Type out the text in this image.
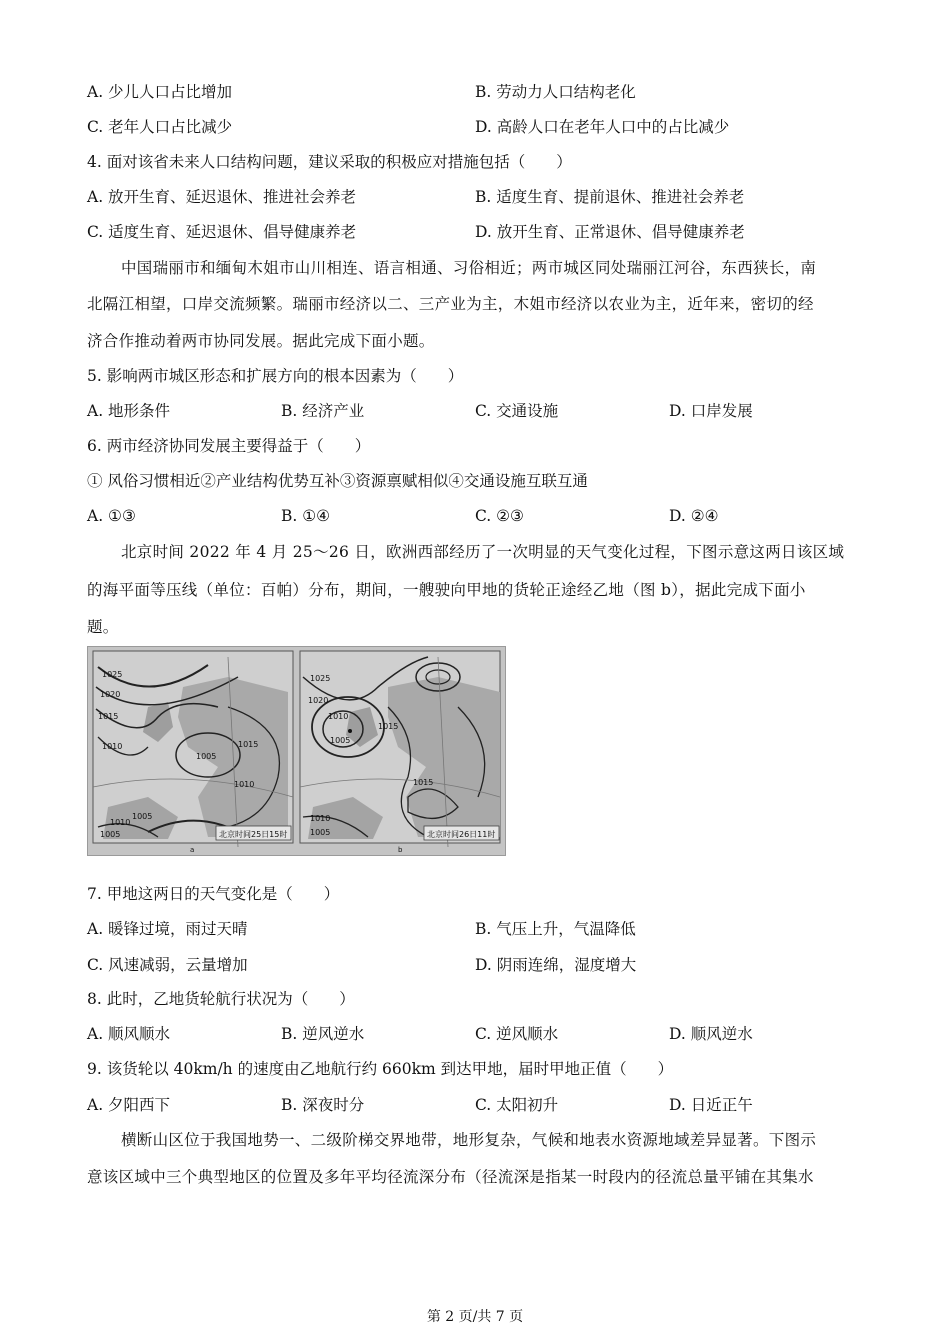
A. 少儿人口占比增加	B. 劳动力人口结构老化
C. 老年人口占比减少	D. 高龄人口在老年人口中的占比减少
4. 面对该省未来人口结构问题，建议采取的积极应对措施包括（　　）
A. 放开生育、延迟退休、推进社会养老	B. 适度生育、提前退休、推进社会养老
C. 适度生育、延迟退休、倡导健康养老	D. 放开生育、正常退休、倡导健康养老
中国瑞丽市和缅甸木姐市山川相连、语言相通、习俗相近；两市城区同处瑞丽江河谷，东西狭长，南
北隔江相望，口岸交流频繁。瑞丽市经济以二、三产业为主，木姐市经济以农业为主，近年来，密切的经
济合作推动着两市协同发展。据此完成下面小题。
5. 影响两市城区形态和扩展方向的根本因素为（　　）
A. 地形条件	B. 经济产业	C. 交通设施	D. 口岸发展
6. 两市经济协同发展主要得益于（　　）
① 风俗习惯相近②产业结构优势互补③资源禀赋相似④交通设施互联互通
A. ①③	B. ①④	C. ②③	D. ②④
北京时间 2022 年 4 月 25～26 日，欧洲西部经历了一次明显的天气变化过程，下图示意这两日该区域
的海平面等压线（单位：百帕）分布，期间，一艘驶向甲地的货轮正途经乙地（图 b），据此完成下面小
题。
1025
1020
1015
1010
1005
1010
1015
1005
1010
1005	北京时间25日15时
a
1025
1020
1015
1010
1005
1015
1010
1005	北京时间26日11时
b
7. 甲地这两日的天气变化是（　　）
A. 暖锋过境，雨过天晴	B. 气压上升，气温降低
C. 风速减弱，云量增加	D. 阴雨连绵，湿度增大
8. 此时，乙地货轮航行状况为（　　）
A. 顺风顺水	B. 逆风逆水	C. 逆风顺水	D. 顺风逆水
9. 该货轮以 40km/h 的速度由乙地航行约 660km 到达甲地，届时甲地正值（　　）
A. 夕阳西下	B. 深夜时分	C. 太阳初升	D. 日近正午
横断山区位于我国地势一、二级阶梯交界地带，地形复杂，气候和地表水资源地域差异显著。下图示
意该区域中三个典型地区的位置及多年平均径流深分布（径流深是指某一时段内的径流总量平铺在其集水
第 2 页/共 7 页
